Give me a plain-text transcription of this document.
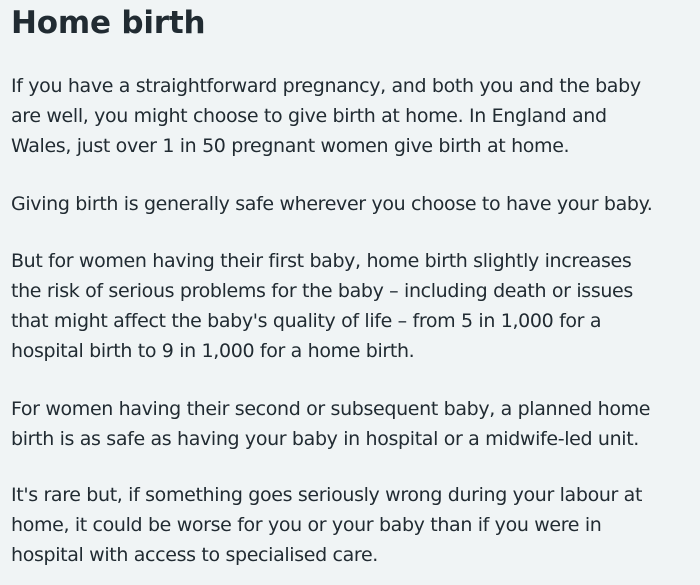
Home birth

If you have a straightforward pregnancy, and both you and the baby
are well, you might choose to give birth at home. In England and
Wales, just over 1 in 50 pregnant women give birth at home.

Giving birth is generally safe wherever you choose to have your baby.

But for women having their first baby, home birth slightly increases
the risk of serious problems for the baby – including death or issues
that might affect the baby's quality of life – from 5 in 1,000 for a
hospital birth to 9 in 1,000 for a home birth.

For women having their second or subsequent baby, a planned home
birth is as safe as having your baby in hospital or a midwife-led unit.

It's rare but, if something goes seriously wrong during your labour at
home, it could be worse for you or your baby than if you were in
hospital with access to specialised care.
